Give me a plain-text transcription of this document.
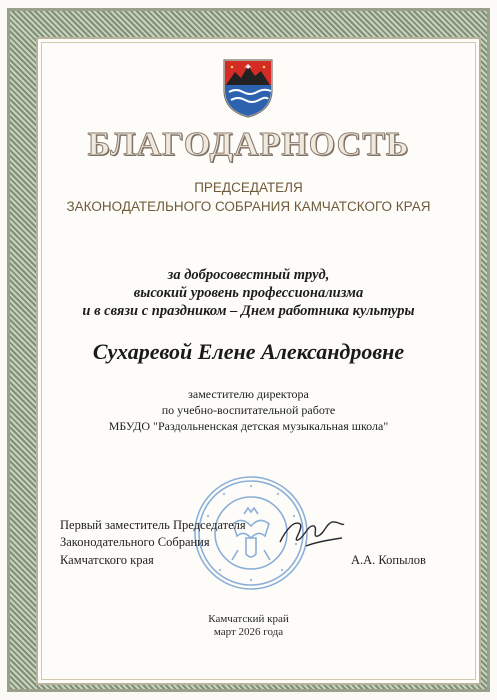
БЛАГОДАРНОСТЬ
ПРЕДСЕДАТЕЛЯ
ЗАКОНОДАТЕЛЬНОГО СОБРАНИЯ КАМЧАТСКОГО КРАЯ
за добросовестный труд,
высокий уровень профессионализма
и в связи с праздником – Днем работника культуры
Сухаревой Елене Александровне
заместителю директора
по учебно-воспитательной работе
МБУДО "Раздольненская детская музыкальная школа"
Первый заместитель Председателя
Законодательного Собрания
Камчатского края	А.А. Копылов
Камчатский край
март 2026 года
